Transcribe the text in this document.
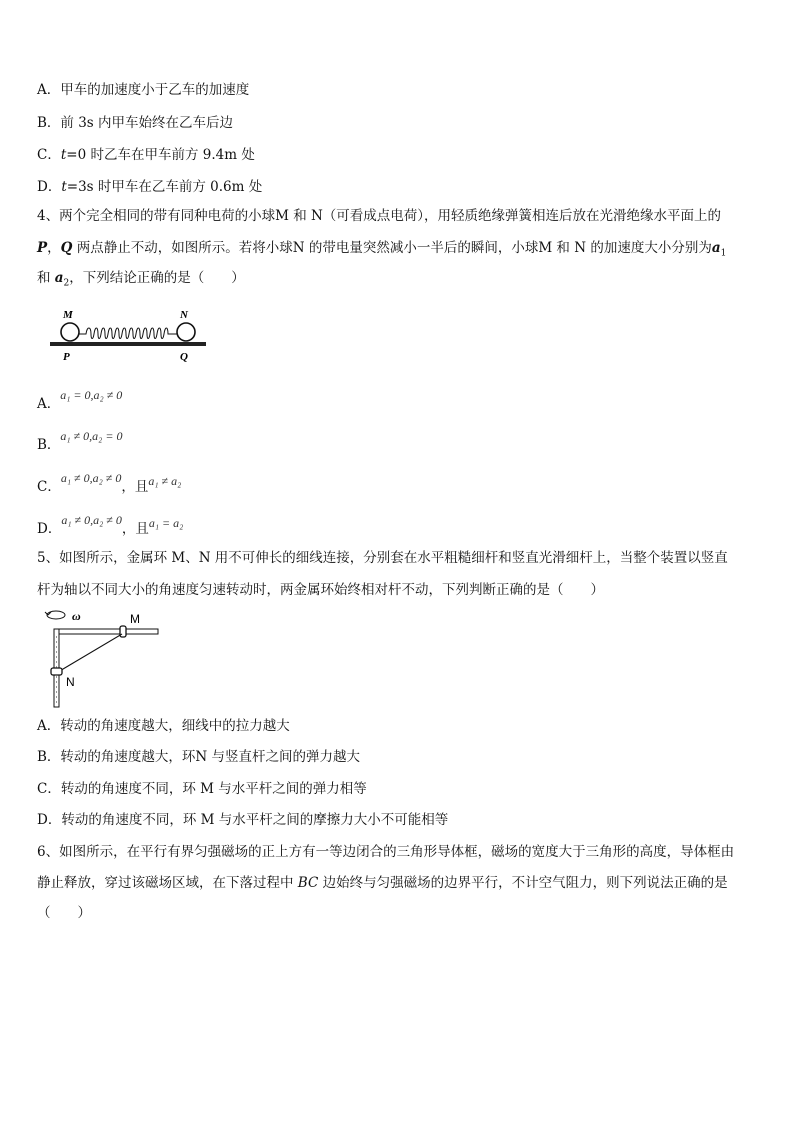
A．甲车的加速度小于乙车的加速度
B．前 3s 内甲车始终在乙车后边
C．t=0 时乙车在甲车前方 9.4m 处
D．t=3s 时甲车在乙车前方 0.6m 处
4、两个完全相同的带有同种电荷的小球M 和 N（可看成点电荷），用轻质绝缘弹簧相连后放在光滑绝缘水平面上的
P，Q 两点静止不动，如图所示。若将小球N 的带电量突然减小一半后的瞬间，小球M 和 N 的加速度大小分别为$a_1$
和 $a_2$，下列结论正确的是（　　）
M	N
P	Q
A．a₁ = 0,a₂ ≠ 0
B．a₁ ≠ 0,a₂ = 0
C．a₁ ≠ 0,a₂ ≠ 0，且a₁ ≠ a₂
D．a₁ ≠ 0,a₂ ≠ 0，且a₁ = a₂
5、如图所示，金属环 M、N 用不可伸长的细线连接，分别套在水平粗糙细杆和竖直光滑细杆上，当整个装置以竖直
杆为轴以不同大小的角速度匀速转动时，两金属环始终相对杆不动，下列判断正确的是（　　）
ω	M
N
A．转动的角速度越大，细线中的拉力越大
B．转动的角速度越大，环N 与竖直杆之间的弹力越大
C．转动的角速度不同，环 M 与水平杆之间的弹力相等
D．转动的角速度不同，环 M 与水平杆之间的摩擦力大小不可能相等
6、如图所示，在平行有界匀强磁场的正上方有一等边闭合的三角形导体框，磁场的宽度大于三角形的高度，导体框由
静止释放，穿过该磁场区域，在下落过程中 BC 边始终与匀强磁场的边界平行，不计空气阻力，则下列说法正确的是
（　　）
